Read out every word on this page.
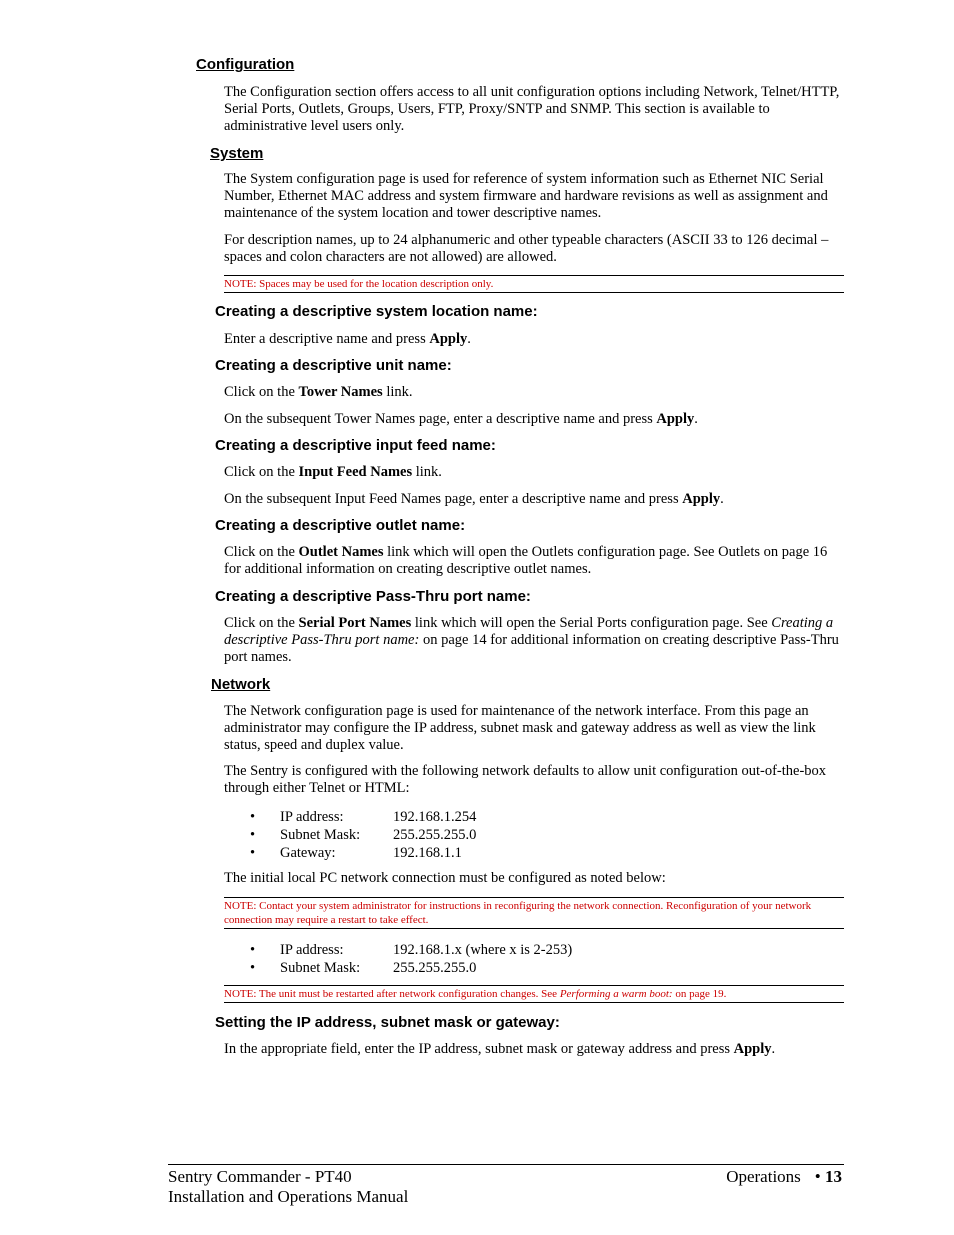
Configuration
The Configuration section offers access to all unit configuration options including Network, Telnet/HTTP, Serial Ports, Outlets, Groups, Users, FTP, Proxy/SNTP and SNMP. This section is available to administrative level users only.
System
The System configuration page is used for reference of system information such as Ethernet NIC Serial Number, Ethernet MAC address and system firmware and hardware revisions as well as assignment and maintenance of the system location and tower descriptive names.
For description names, up to 24 alphanumeric and other typeable characters (ASCII 33 to 126 decimal – spaces and colon characters are not allowed) are allowed.
NOTE: Spaces may be used for the location description only.
Creating a descriptive system location name:
Enter a descriptive name and press Apply.
Creating a descriptive unit name:
Click on the Tower Names link.
On the subsequent Tower Names page, enter a descriptive name and press Apply.
Creating a descriptive input feed name:
Click on the Input Feed Names link.
On the subsequent Input Feed Names page, enter a descriptive name and press Apply.
Creating a descriptive outlet name:
Click on the Outlet Names link which will open the Outlets configuration page. See Outlets on page 16 for additional information on creating descriptive outlet names.
Creating a descriptive Pass-Thru port name:
Click on the Serial Port Names link which will open the Serial Ports configuration page. See Creating a descriptive Pass-Thru port name: on page 14 for additional information on creating descriptive Pass-Thru port names.
Network
The Network configuration page is used for maintenance of the network interface. From this page an administrator may configure the IP address, subnet mask and gateway address as well as view the link status, speed and duplex value.
The Sentry is configured with the following network defaults to allow unit configuration out-of-the-box through either Telnet or HTML:
• IP address:	192.168.1.254
• Subnet Mask: 255.255.255.0
• Gateway:	192.168.1.1
The initial local PC network connection must be configured as noted below:
NOTE: Contact your system administrator for instructions in reconfiguring the network connection. Reconfiguration of your network connection may require a restart to take effect.
• IP address:	192.168.1.x (where x is 2-253)
• Subnet Mask: 255.255.255.0
NOTE: The unit must be restarted after network configuration changes. See Performing a warm boot: on page 19.
Setting the IP address, subnet mask or gateway:
In the appropriate field, enter the IP address, subnet mask or gateway address and press Apply.
Sentry Commander - PT40
Installation and Operations Manual
Operations • 13
